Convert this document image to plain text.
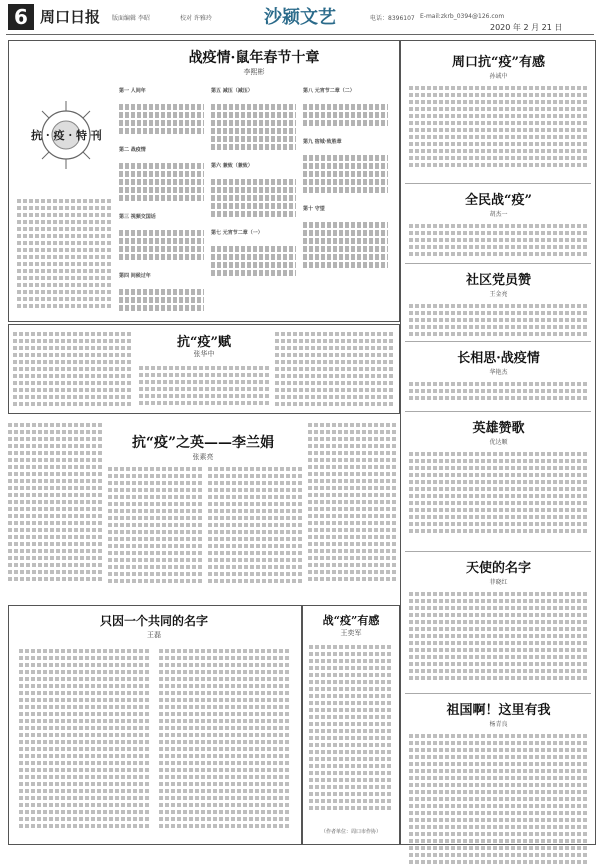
6 周口日报 版面编辑 李昭	校对 许雅玲	沙颍文艺	电话：8396107 E-mail:zkrb_0394@126.com
2020 年 2 月 21 日
抗 · 疫 · 特 刊
战疫情·鼠年春节十章
李熙彬

第一 人间年

第二 战疫情

第三 视频交国话

第四 间候过年

第五 减压（减压）

第六 兼致（兼致）

第七 元宵节二章（一）

第八 元宵节二章（二）

第九 宿城·致胜章

第十 守望

抗“疫”赋
张华中
抗“疫”之英——李兰娟
张素亮
只因一个共同的名字
王磊
战“疫”有感
王奕军
（作者单位：周口市作协）
周口抗“疫”有感
孙诚中
全民战“疫”
胡杰一
社区党员赞
王金亮
长相思·战疫情
华艳杰
英雄赞歌
优达顺
天使的名字
菲晓红
祖国啊！这里有我
杨青良
